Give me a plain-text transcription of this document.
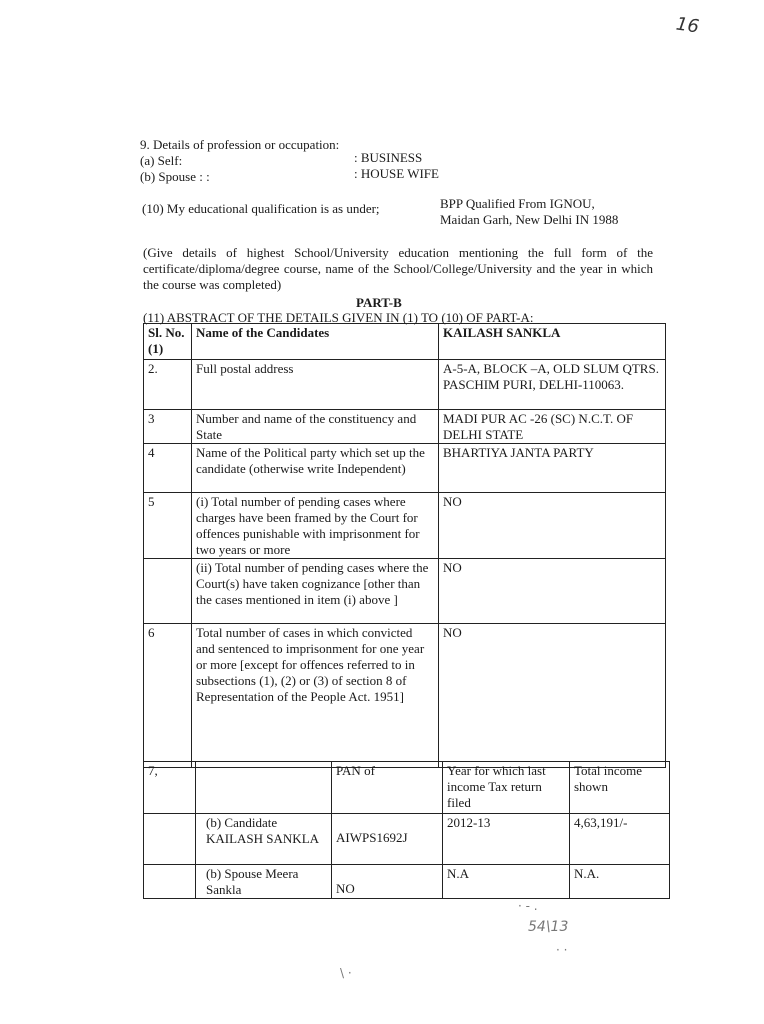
16
9. Details of profession or occupation:
(a) Self:	: BUSINESS
(b) Spouse : :	: HOUSE WIFE
(10) My educational qualification is as under;	BPP Qualified From IGNOU,
Maidan Garh, New Delhi IN 1988
(Give details of highest School/University education mentioning the full form of the certificate/diploma/degree course, name of the School/College/University and the year in which the course was completed)
PART-B
(11) ABSTRACT OF THE DETAILS GIVEN IN (1) TO (10) OF PART-A:
Sl. No.(1)	Name of the Candidates	KAILASH SANKLA
2.	Full postal address	A-5-A, BLOCK –A, OLD SLUM QTRS. PASCHIM PURI, DELHI-110063.
3	Number and name of the constituency and State	MADI PUR AC -26 (SC) N.C.T. OF DELHI STATE
4	Name of the Political party which set up the candidate (otherwise write Independent)	BHARTIYA JANTA PARTY
5	(i) Total number of pending cases where charges have been framed by the Court for offences punishable with imprisonment for two years or more	NO
	(ii) Total number of pending cases where the Court(s) have taken cognizance [other than the cases mentioned in item (i) above ]	NO
6	Total number of cases in which convicted and sentenced to imprisonment for one year or more [except for offences referred to in subsections (1), (2) or (3) of section 8 of Representation of the People Act. 1951]	NO
7,		PAN of	Year for which last income Tax return filed	Total income shown
	(b) Candidate KAILASH SANKLA	AIWPS1692J	2012-13	4,63,191/-
	(b) Spouse Meera Sankla	NO	N.A	N.A.
· ‑ .
54\13
· ·
\ ·
